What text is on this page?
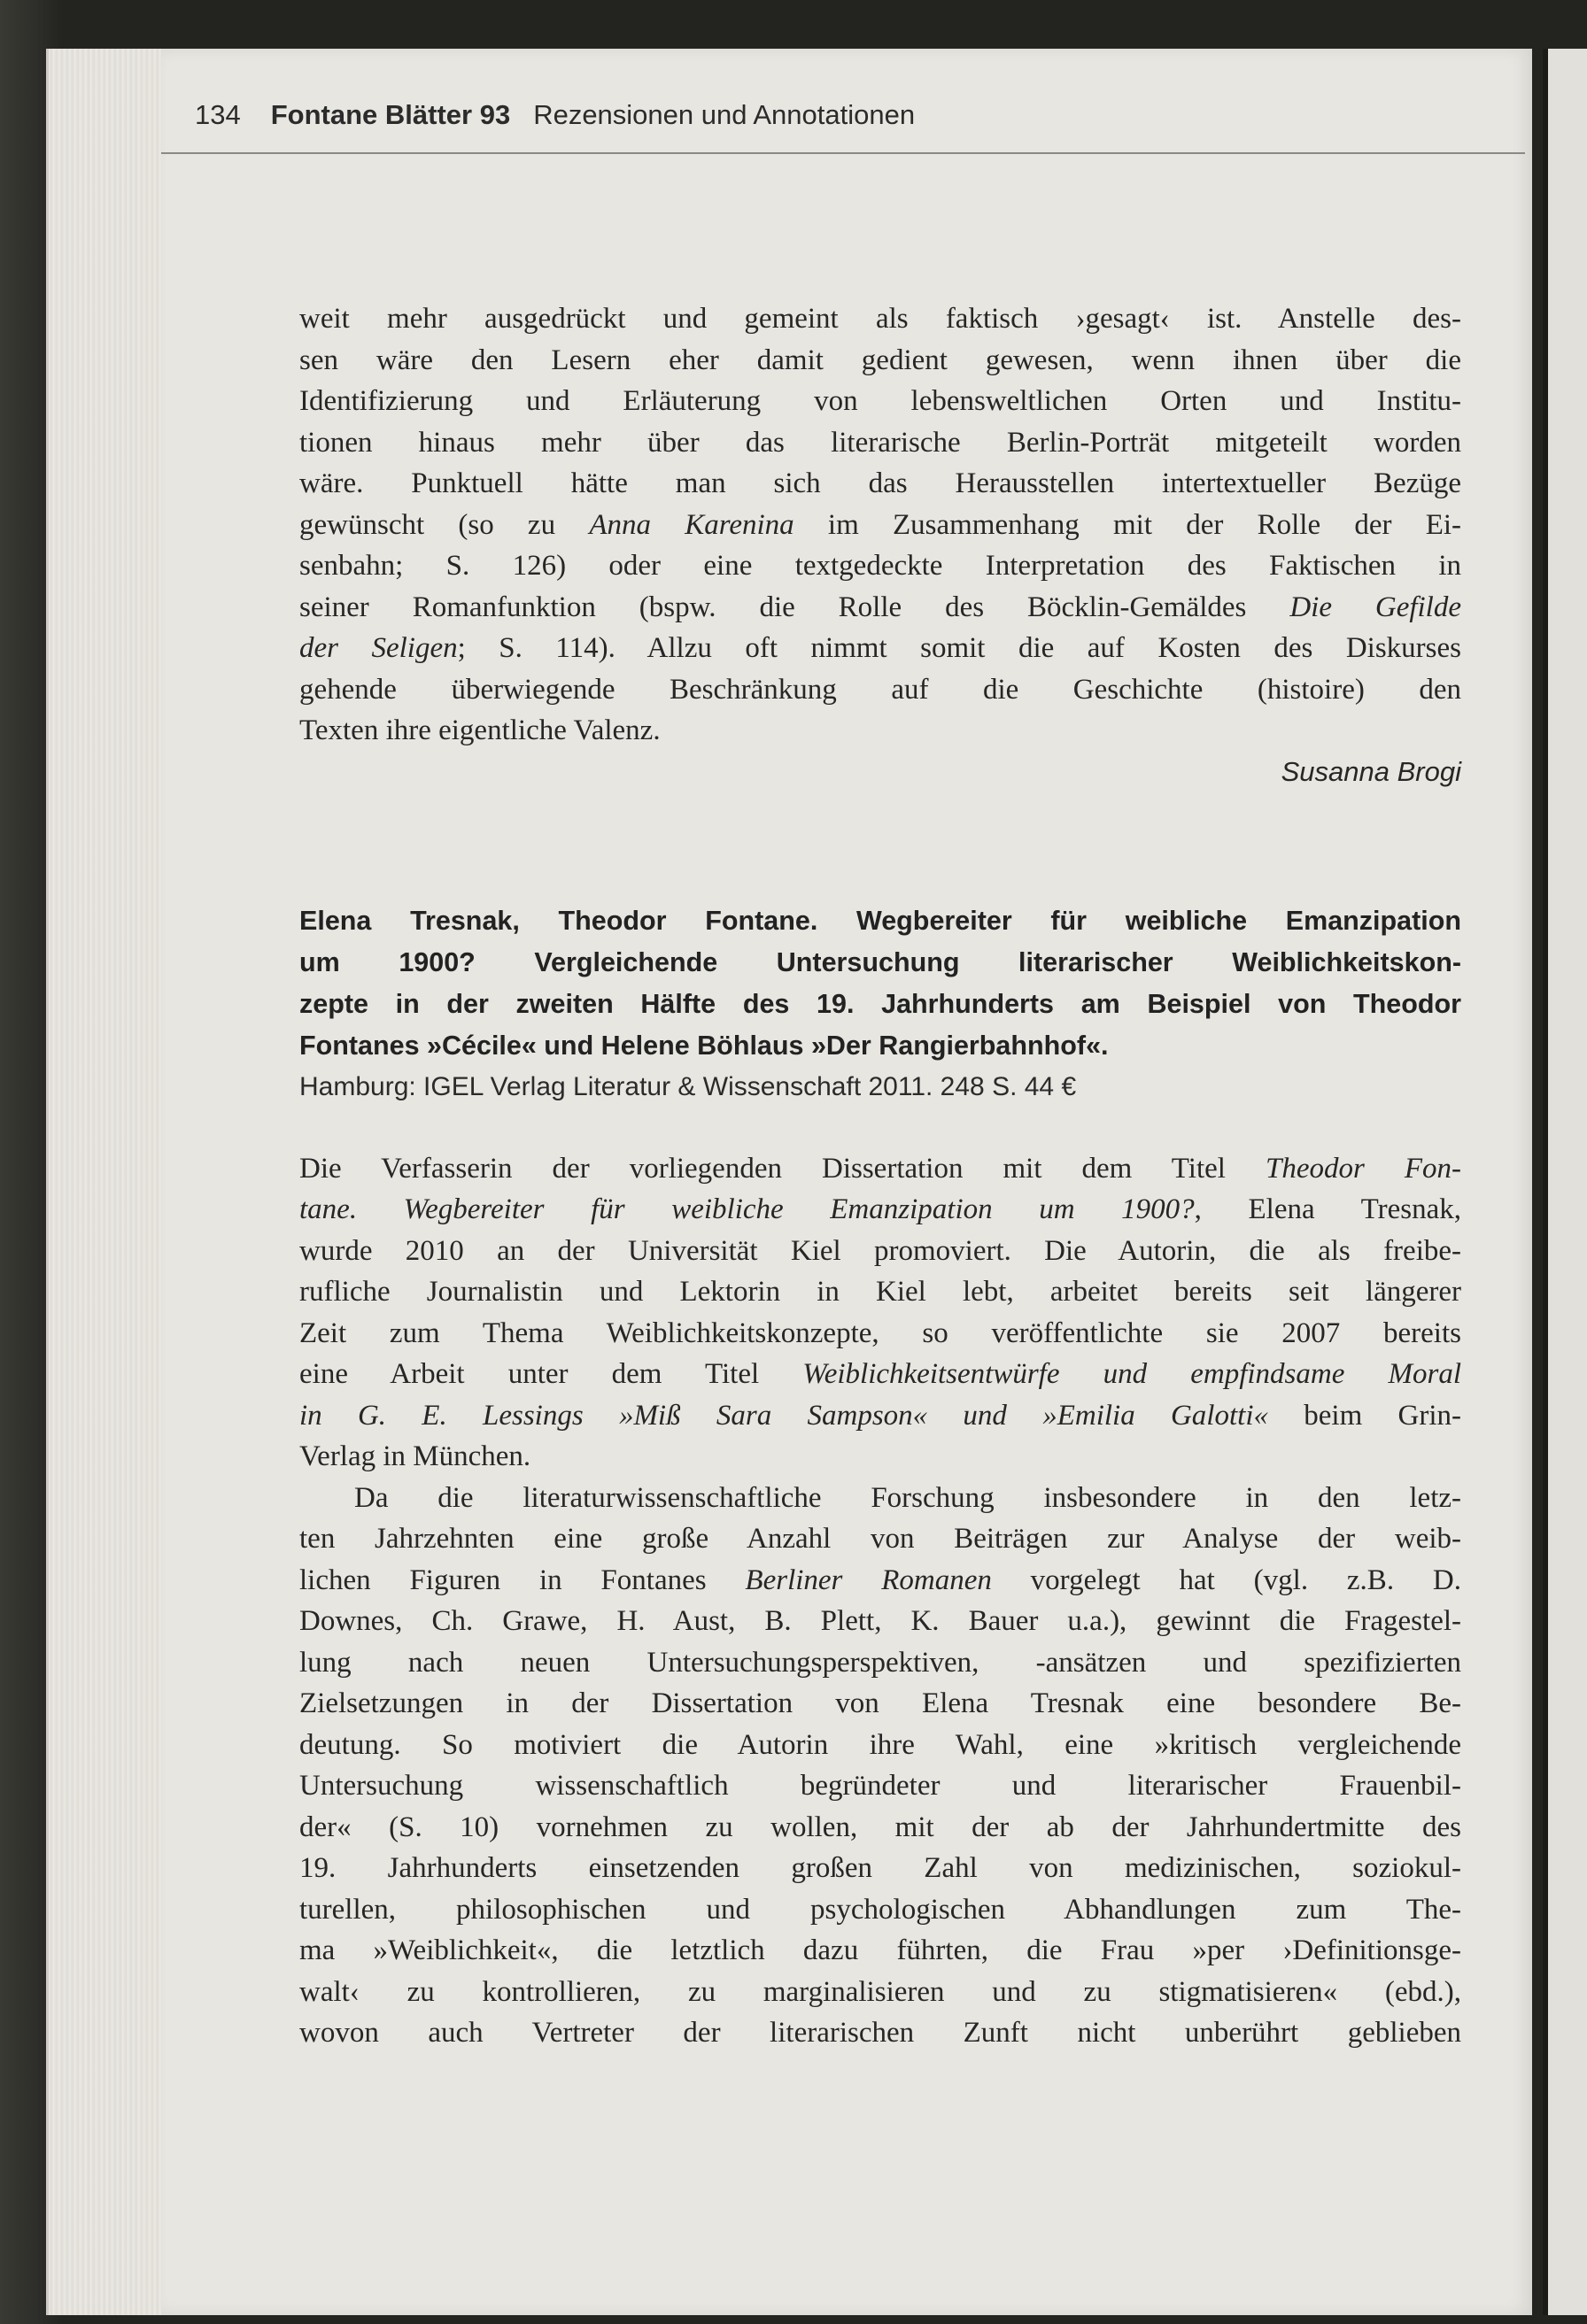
134 Fontane Blätter 93 Rezensionen und Annotationen
weit mehr ausgedrückt und gemeint als faktisch ›gesagt‹ ist. Anstelle des-
sen wäre den Lesern eher damit gedient gewesen, wenn ihnen über die
Identifizierung und Erläuterung von lebensweltlichen Orten und Institu-
tionen hinaus mehr über das literarische Berlin-Porträt mitgeteilt worden
wäre. Punktuell hätte man sich das Herausstellen intertextueller Bezüge
gewünscht (so zu Anna Karenina im Zusammenhang mit der Rolle der Ei-
senbahn; S. 126) oder eine textgedeckte Interpretation des Faktischen in
seiner Romanfunktion (bspw. die Rolle des Böcklin-Gemäldes Die Gefilde
der Seligen; S. 114). Allzu oft nimmt somit die auf Kosten des Diskurses
gehende überwiegende Beschränkung auf die Geschichte (histoire) den
Texten ihre eigentliche Valenz.
Susanna Brogi
Elena Tresnak, Theodor Fontane. Wegbereiter für weibliche Emanzipation
um 1900? Vergleichende Untersuchung literarischer Weiblichkeitskon-
zepte in der zweiten Hälfte des 19. Jahrhunderts am Beispiel von Theodor
Fontanes »Cécile« und Helene Böhlaus »Der Rangierbahnhof«.
Hamburg: IGEL Verlag Literatur & Wissenschaft 2011. 248 S. 44 €
Die Verfasserin der vorliegenden Dissertation mit dem Titel Theodor Fon-
tane. Wegbereiter für weibliche Emanzipation um 1900?, Elena Tresnak,
wurde 2010 an der Universität Kiel promoviert. Die Autorin, die als freibe-
rufliche Journalistin und Lektorin in Kiel lebt, arbeitet bereits seit längerer
Zeit zum Thema Weiblichkeitskonzepte, so veröffentlichte sie 2007 bereits
eine Arbeit unter dem Titel Weiblichkeitsentwürfe und empfindsame Moral
in G. E. Lessings »Miß Sara Sampson« und »Emilia Galotti« beim Grin-
Verlag in München.
Da die literaturwissenschaftliche Forschung insbesondere in den letz-
ten Jahrzehnten eine große Anzahl von Beiträgen zur Analyse der weib-
lichen Figuren in Fontanes Berliner Romanen vorgelegt hat (vgl. z.B. D.
Downes, Ch. Grawe, H. Aust, B. Plett, K. Bauer u.a.), gewinnt die Fragestel-
lung nach neuen Untersuchungsperspektiven, -ansätzen und spezifizierten
Zielsetzungen in der Dissertation von Elena Tresnak eine besondere Be-
deutung. So motiviert die Autorin ihre Wahl, eine »kritisch vergleichende
Untersuchung wissenschaftlich begründeter und literarischer Frauenbil-
der« (S. 10) vornehmen zu wollen, mit der ab der Jahrhundertmitte des
19. Jahrhunderts einsetzenden großen Zahl von medizinischen, soziokul-
turellen, philosophischen und psychologischen Abhandlungen zum The-
ma »Weiblichkeit«, die letztlich dazu führten, die Frau »per ›Definitionsge-
walt‹ zu kontrollieren, zu marginalisieren und zu stigmatisieren« (ebd.),
wovon auch Vertreter der literarischen Zunft nicht unberührt geblieben
